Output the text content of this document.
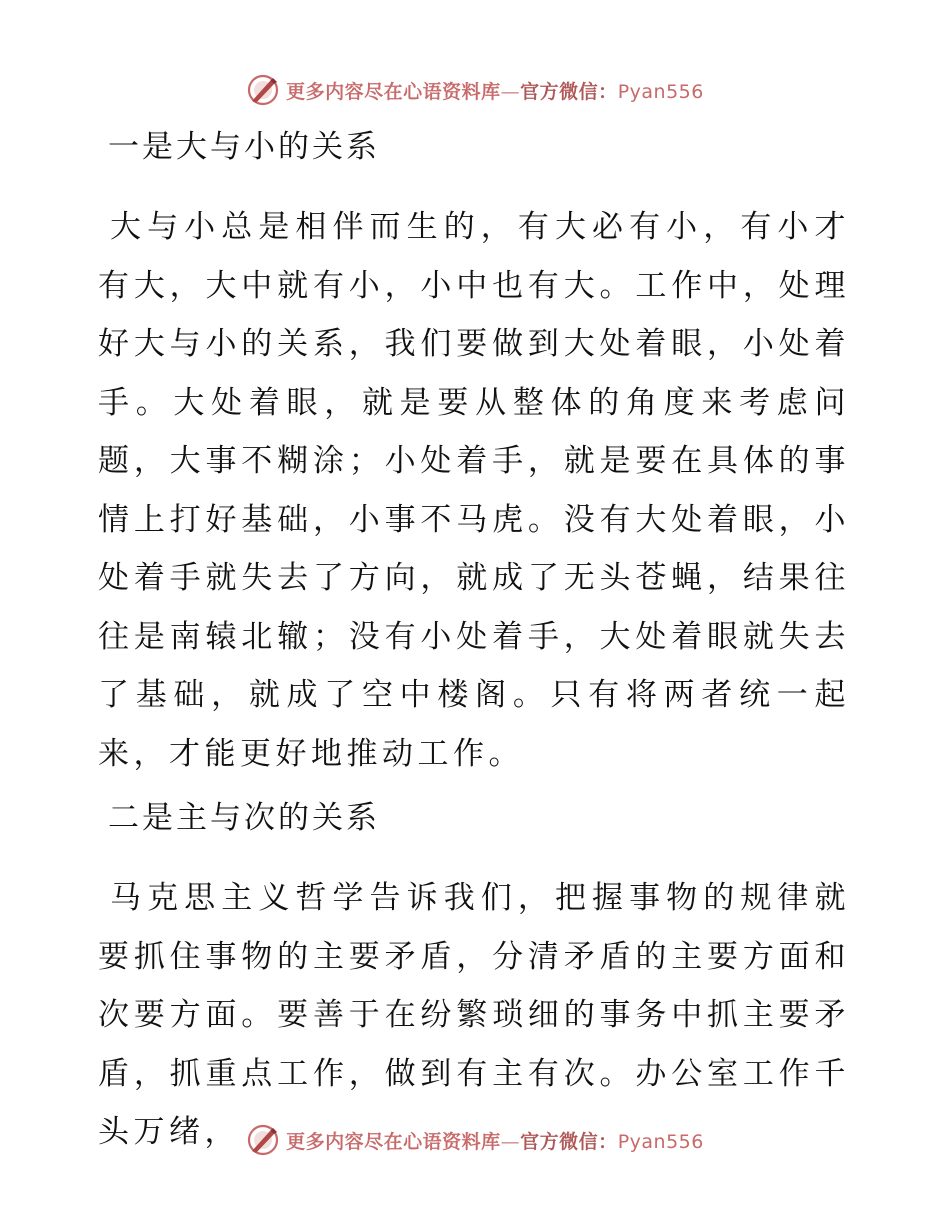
更多内容尽在心语资料库—官方微信：Pyan556
一是大与小的关系

大与小总是相伴而生的，有大必有小，有小才有大，大中就有小，小中也有大。工作中，处理好大与小的关系，我们要做到大处着眼，小处着手。大处着眼，就是要从整体的角度来考虑问题，大事不糊涂；小处着手，就是要在具体的事情上打好基础，小事不马虎。没有大处着眼，小处着手就失去了方向，就成了无头苍蝇，结果往往是南辕北辙；没有小处着手，大处着眼就失去了基础，就成了空中楼阁。只有将两者统一起来，才能更好地推动工作。

二是主与次的关系

马克思主义哲学告诉我们，把握事物的规律就要抓住事物的主要矛盾，分清矛盾的主要方面和次要方面。要善于在纷繁琐细的事务中抓主要矛盾，抓重点工作，做到有主有次。办公室工作千头万绪，	更多内容尽在心语资料库—官方微信：Pyan556
